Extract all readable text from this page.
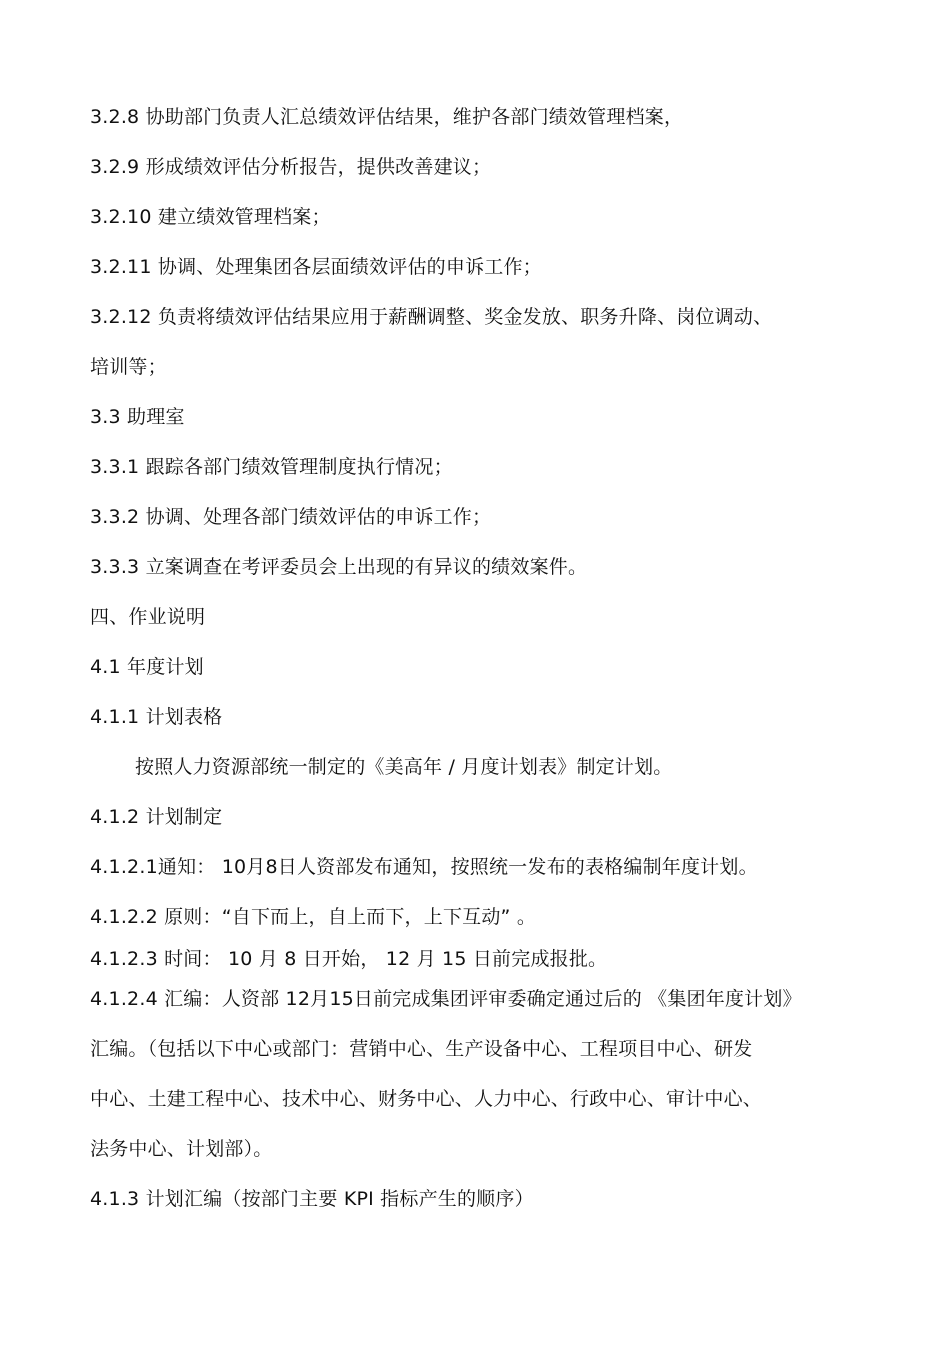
3.2.8 协助部门负责人汇总绩效评估结果，维护各部门绩效管理档案，
3.2.9 形成绩效评估分析报告，提供改善建议；
3.2.10 建立绩效管理档案；
3.2.11 协调、处理集团各层面绩效评估的申诉工作；
3.2.12 负责将绩效评估结果应用于薪酬调整、奖金发放、职务升降、岗位调动、
培训等；
3.3 助理室
3.3.1 跟踪各部门绩效管理制度执行情况；
3.3.2 协调、处理各部门绩效评估的申诉工作；
3.3.3 立案调查在考评委员会上出现的有异议的绩效案件。
四、作业说明
4.1 年度计划
4.1.1 计划表格
按照人力资源部统一制定的《美高年 / 月度计划表》制定计划。
4.1.2 计划制定
4.1.2.1通知： 10月8日人资部发布通知，按照统一发布的表格编制年度计划。
4.1.2.2 原则：“自下而上，自上而下，上下互动” 。
4.1.2.3 时间： 10 月 8 日开始， 12 月 15 日前完成报批。
4.1.2.4 汇编：人资部 12月15日前完成集团评审委确定通过后的 《集团年度计划》
汇编。（包括以下中心或部门：营销中心、生产设备中心、工程项目中心、研发
中心、土建工程中心、技术中心、财务中心、人力中心、行政中心、审计中心、
法务中心、计划部）。
4.1.3 计划汇编（按部门主要 KPI 指标产生的顺序）
